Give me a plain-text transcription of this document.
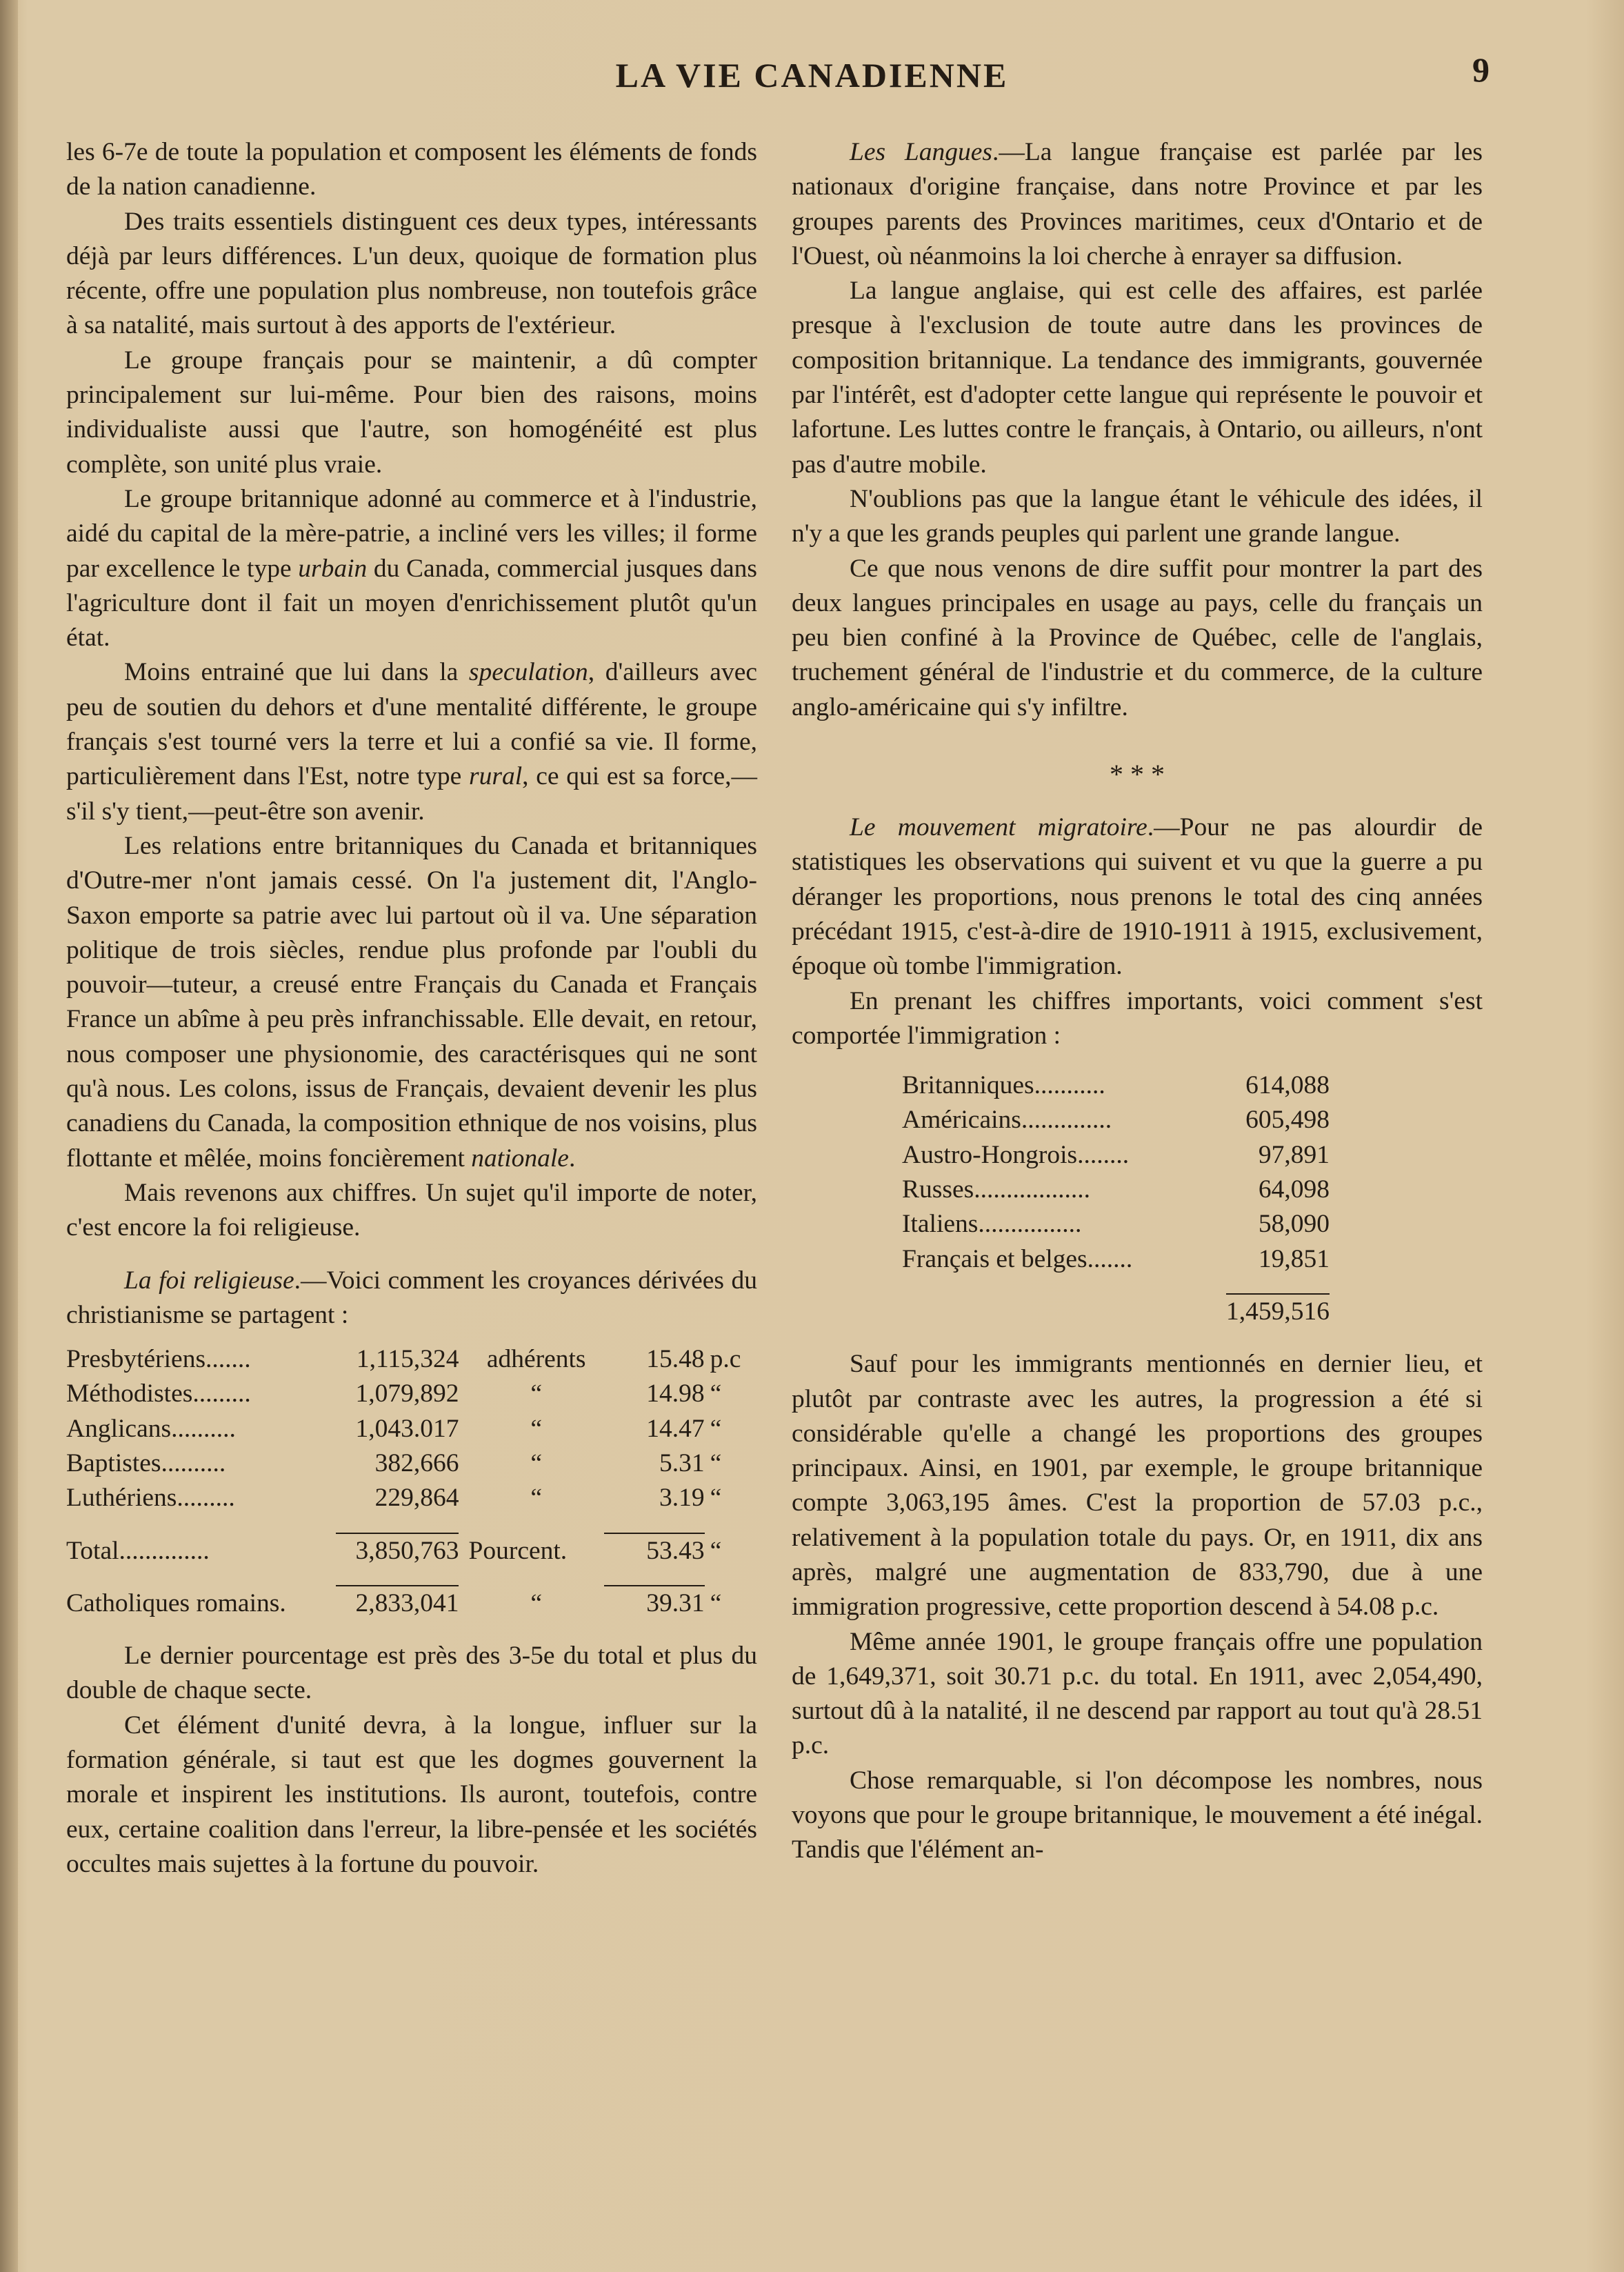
LA VIE CANADIENNE	9

les 6-7e de toute la population et composent les éléments de fonds de la nation canadienne.

Des traits essentiels distinguent ces deux types, intéressants déjà par leurs différences. L'un deux, quoique de formation plus récente, offre une population plus nombreuse, non toutefois grâce à sa natalité, mais surtout à des apports de l'extérieur.

Le groupe français pour se maintenir, a dû compter principalement sur lui-même. Pour bien des raisons, moins individualiste aussi que l'autre, son homogénéité est plus complète, son unité plus vraie.

Le groupe britannique adonné au commerce et à l'industrie, aidé du capital de la mère-patrie, a incliné vers les villes; il forme par excellence le type urbain du Canada, commercial jusques dans l'agriculture dont il fait un moyen d'enrichissement plutôt qu'un état.

Moins entrainé que lui dans la speculation, d'ailleurs avec peu de soutien du dehors et d'une mentalité différente, le groupe français s'est tourné vers la terre et lui a confié sa vie. Il forme, particulièrement dans l'Est, notre type rural, ce qui est sa force,—s'il s'y tient,—peut-être son avenir.

Les relations entre britanniques du Canada et britanniques d'Outre-mer n'ont jamais cessé. On l'a justement dit, l'Anglo-Saxon emporte sa patrie avec lui partout où il va. Une séparation politique de trois siècles, rendue plus profonde par l'oubli du pouvoir—tuteur, a creusé entre Français du Canada et Français France un abîme à peu près infranchissable. Elle devait, en retour, nous composer une physionomie, des caractérisques qui ne sont qu'à nous. Les colons, issus de Français, devaient devenir les plus canadiens du Canada, la composition ethnique de nos voisins, plus flottante et mêlée, moins foncièrement nationale.

Mais revenons aux chiffres. Un sujet qu'il importe de noter, c'est encore la foi religieuse.

La foi religieuse.—Voici comment les croyances dérivées du christianisme se partagent :

Presbytériens.......	1,115,324	adhérents	15.48	p.c
Méthodistes.........	1,079,892	“	14.98	“
Anglicans..........	1,043.017	“	14.47	“
Baptistes..........	382,666	“	5.31	“
Luthériens.........	229,864	“	3.19	“

Total..............	3,850,763	Pourcent.	53.43	“

Catholiques romains.	2,833,041	“	39.31	“

Le dernier pourcentage est près des 3-5e du total et plus du double de chaque secte.

Cet élément d'unité devra, à la longue, influer sur la formation générale, si taut est que les dogmes gouvernent la morale et inspirent les institutions. Ils auront, toutefois, contre eux, certaine coalition dans l'erreur, la libre-pensée et les sociétés occultes mais sujettes à la fortune du pouvoir.

Les Langues.—La langue française est parlée par les nationaux d'origine française, dans notre Province et par les groupes parents des Provinces maritimes, ceux d'Ontario et de l'Ouest, où néanmoins la loi cherche à enrayer sa diffusion.

La langue anglaise, qui est celle des affaires, est parlée presque à l'exclusion de toute autre dans les provinces de composition britannique. La tendance des immigrants, gouvernée par l'intérêt, est d'adopter cette langue qui représente le pouvoir et lafortune. Les luttes contre le français, à Ontario, ou ailleurs, n'ont pas d'autre mobile.

N'oublions pas que la langue étant le véhicule des idées, il n'y a que les grands peuples qui parlent une grande langue.

Ce que nous venons de dire suffit pour montrer la part des deux langues principales en usage au pays, celle du français un peu bien confiné à la Province de Québec, celle de l'anglais, truchement général de l'industrie et du commerce, de la culture anglo-américaine qui s'y infiltre.

* * *

Le mouvement migratoire.—Pour ne pas alourdir de statistiques les observations qui suivent et vu que la guerre a pu déranger les proportions, nous prenons le total des cinq années précédant 1915, c'est-à-dire de 1910-1911 à 1915, exclusivement, époque où tombe l'immigration.

En prenant les chiffres importants, voici comment s'est comportée l'immigration :

Britanniques...........	614,088
Américains..............	605,498
Austro-Hongrois........	97,891
Russes..................	64,098
Italiens................	58,090
Français et belges.......	19,851

	1,459,516

Sauf pour les immigrants mentionnés en dernier lieu, et plutôt par contraste avec les autres, la progression a été si considérable qu'elle a changé les proportions des groupes principaux. Ainsi, en 1901, par exemple, le groupe britannique compte 3,063,195 âmes. C'est la proportion de 57.03 p.c., relativement à la population totale du pays. Or, en 1911, dix ans après, malgré une augmentation de 833,790, due à une immigration progressive, cette proportion descend à 54.08 p.c.

Même année 1901, le groupe français offre une population de 1,649,371, soit 30.71 p.c. du total. En 1911, avec 2,054,490, surtout dû à la natalité, il ne descend par rapport au tout qu'à 28.51 p.c.

Chose remarquable, si l'on décompose les nombres, nous voyons que pour le groupe britannique, le mouvement a été inégal. Tandis que l'élément an-
